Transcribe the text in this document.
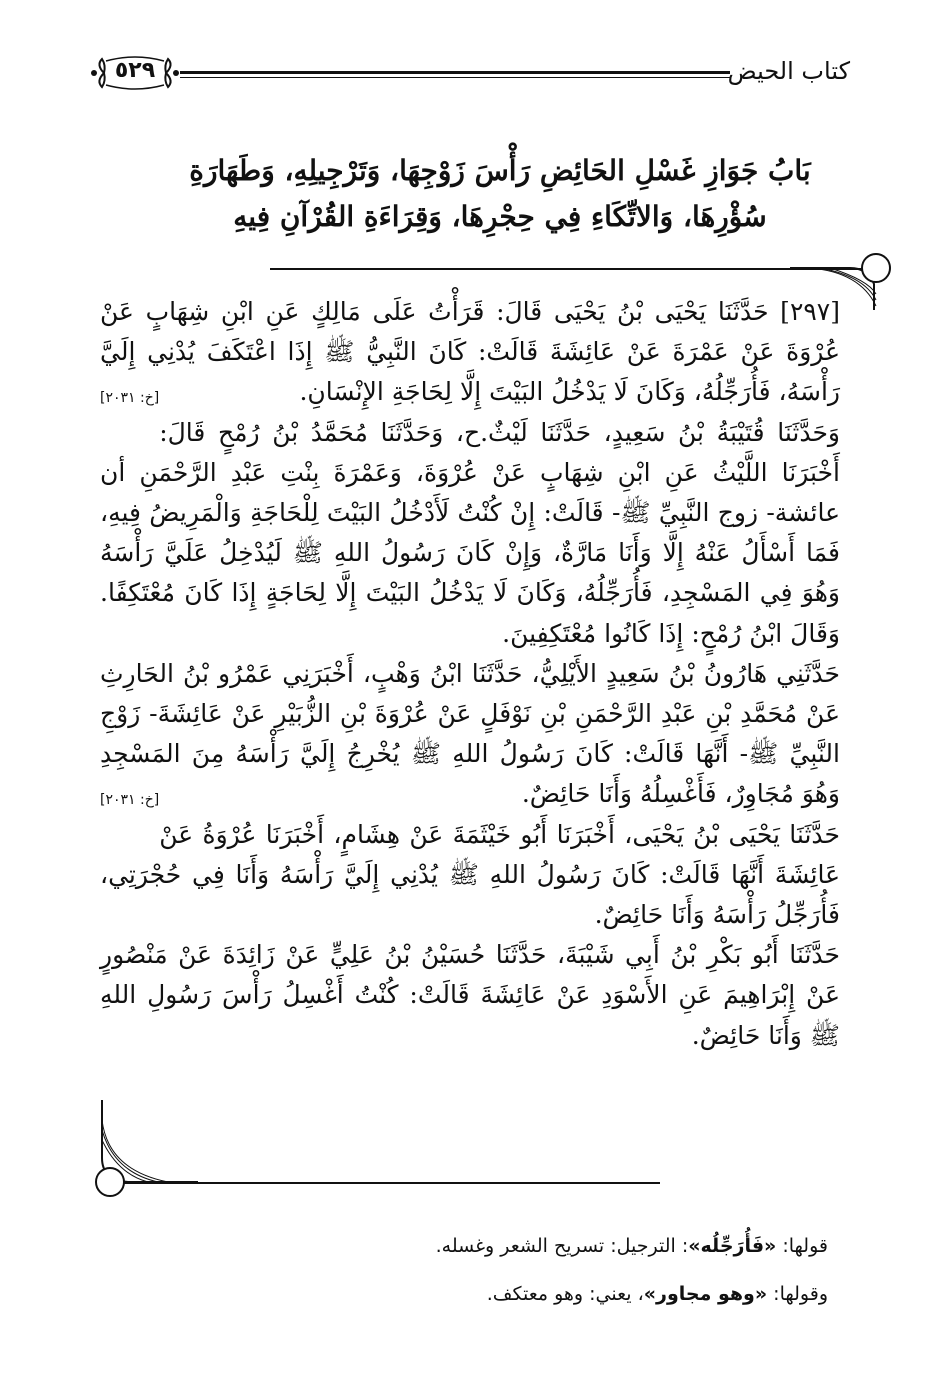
كتاب الحيض
٥٢٩
بَابُ جَوَازِ غَسْلِ الحَائِضِ رَأْسَ زَوْجِهَا، وَتَرْجِيلِهِ، وَطَهَارَةِ سُؤْرِهَا، وَالاتِّكَاءِ فِي حِجْرِهَا، وَقِرَاءَةِ القُرْآنِ فِيهِ

[٢٩٧] حَدَّثَنَا يَحْيَى بْنُ يَحْيَى قَالَ: قَرَأْتُ عَلَى مَالِكٍ عَنِ ابْنِ شِهَابٍ عَنْ عُرْوَةَ عَنْ عَمْرَةَ عَنْ عَائِشَةَ قَالَتْ: كَانَ النَّبِيُّ ﷺ إِذَا اعْتَكَفَ يُدْنِي إِلَيَّ رَأْسَهُ، فَأُرَجِّلُهُ، وَكَانَ لَا يَدْخُلُ البَيْتَ إِلَّا لِحَاجَةِ الإِنْسَانِ.
[خ: ٢٠٣١]

وَحَدَّثَنَا قُتَيْبَةُ بْنُ سَعِيدٍ، حَدَّثَنَا لَيْثٌ.ح، وَحَدَّثَنَا مُحَمَّدُ بْنُ رُمْحٍ قَالَ: أَخْبَرَنَا اللَّيْثُ عَنِ ابْنِ شِهَابٍ عَنْ عُرْوَةَ، وَعَمْرَةَ بِنْتِ عَبْدِ الرَّحْمَنِ أن عائشة- زوج النَّبِيِّ ﷺ- قَالَتْ: إِنْ كُنْتُ لَأَدْخُلُ البَيْتَ لِلْحَاجَةِ وَالْمَرِيضُ فِيهِ، فَمَا أَسْأَلُ عَنْهُ إِلَّا وَأَنَا مَارَّةٌ، وَإِنْ كَانَ رَسُولُ اللهِ ﷺ لَيُدْخِلُ عَلَيَّ رَأْسَهُ وَهُوَ فِي المَسْجِدِ، فَأُرَجِّلُهُ، وَكَانَ لَا يَدْخُلُ البَيْتَ إِلَّا لِحَاجَةٍ إِذَا كَانَ مُعْتَكِفًا. وَقَالَ ابْنُ رُمْحٍ: إِذَا كَانُوا مُعْتَكِفِينَ.

حَدَّثَنِي هَارُونُ بْنُ سَعِيدٍ الأَيْلِيُّ، حَدَّثَنَا ابْنُ وَهْبٍ، أَخْبَرَنِي عَمْرُو بْنُ الحَارِثِ عَنْ مُحَمَّدِ بْنِ عَبْدِ الرَّحْمَنِ بْنِ نَوْفَلٍ عَنْ عُرْوَةَ بْنِ الزُّبَيْرِ عَنْ عَائِشَةَ- زَوْجِ النَّبِيِّ ﷺ- أَنَّهَا قَالَتْ: كَانَ رَسُولُ اللهِ ﷺ يُخْرِجُ إِلَيَّ رَأْسَهُ مِنَ المَسْجِدِ وَهُوَ مُجَاوِرٌ، فَأَغْسِلُهُ وَأَنَا حَائِضٌ.
[خ: ٢٠٣١]

حَدَّثَنَا يَحْيَى بْنُ يَحْيَى، أَخْبَرَنَا أَبُو خَيْثَمَةَ عَنْ هِشَامٍ، أَخْبَرَنَا عُرْوَةُ عَنْ عَائِشَةَ أَنَّهَا قَالَتْ: كَانَ رَسُولُ اللهِ ﷺ يُدْنِي إِلَيَّ رَأْسَهُ وَأَنَا فِي حُجْرَتِي، فَأُرَجِّلُ رَأْسَهُ وَأَنَا حَائِضٌ.

حَدَّثَنَا أَبُو بَكْرِ بْنُ أَبِي شَيْبَةَ، حَدَّثَنَا حُسَيْنُ بْنُ عَلِيٍّ عَنْ زَائِدَةَ عَنْ مَنْصُورٍ عَنْ إِبْرَاهِيمَ عَنِ الأَسْوَدِ عَنْ عَائِشَةَ قَالَتْ: كُنْتُ أَغْسِلُ رَأْسَ رَسُولِ اللهِ ﷺ وَأَنَا حَائِضٌ.

قولها: «فَأُرَجِّلُه»: الترجيل: تسريح الشعر وغسله.

وقولها: «وهو مجاور»، يعني: وهو معتكف.
